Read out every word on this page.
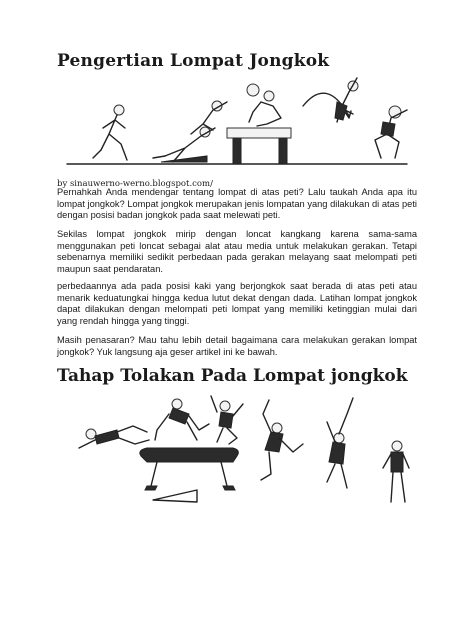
Pengertian Lompat Jongkok
by sinauwerno-werno.blogspot.com/

Pernahkah Anda mendengar tentang lompat di atas peti? Lalu taukah Anda apa itu lompat jongkok? Lompat jongkok merupakan jenis lompatan yang dilakukan di atas peti dengan posisi badan jongkok pada saat melewati peti.

Sekilas lompat jongkok mirip dengan loncat kangkang karena sama-sama menggunakan peti loncat sebagai alat atau media untuk melakukan gerakan. Tetapi sebenarnya memiliki sedikit perbedaan pada gerakan melayang saat melompati peti maupun saat pendaratan.

perbedaannya ada pada posisi kaki yang berjongkok saat berada di atas peti atau menarik keduatungkai hingga kedua lutut dekat dengan dada. Latihan lompat jongkok dapat dilakukan dengan melompati peti lompat yang memiliki ketinggian mulai dari yang rendah hingga yang tinggi.

Masih penasaran? Mau tahu lebih detail bagaimana cara melakukan gerakan lompat jongkok? Yuk langsung aja geser artikel ini ke bawah.

Tahap Tolakan Pada Lompat jongkok
